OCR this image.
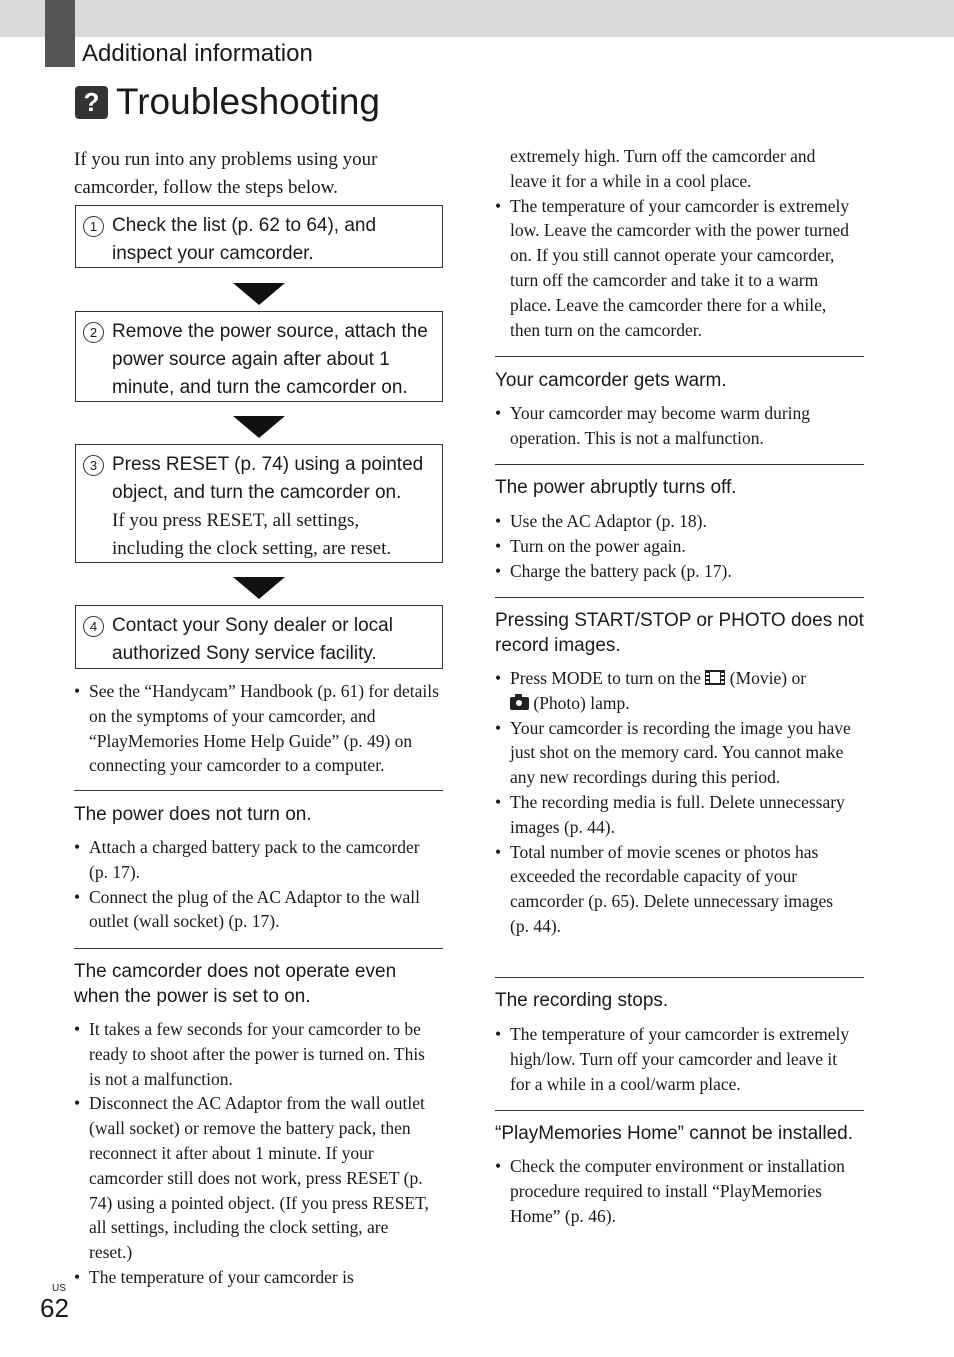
Additional information
? Troubleshooting
If you run into any problems using your camcorder, follow the steps below.
1 Check the list (p. 62 to 64), and inspect your camcorder.
2 Remove the power source, attach the power source again after about 1 minute, and turn the camcorder on.
3 Press RESET (p. 74) using a pointed object, and turn the camcorder on.
If you press RESET, all settings, including the clock setting, are reset.
4 Contact your Sony dealer or local authorized Sony service facility.
• See the “Handycam” Handbook (p. 61) for details on the symptoms of your camcorder, and “PlayMemories Home Help Guide” (p. 49) on connecting your camcorder to a computer.
The power does not turn on.
• Attach a charged battery pack to the camcorder (p. 17).
• Connect the plug of the AC Adaptor to the wall outlet (wall socket) (p. 17).
The camcorder does not operate even when the power is set to on.
• It takes a few seconds for your camcorder to be ready to shoot after the power is turned on. This is not a malfunction.
• Disconnect the AC Adaptor from the wall outlet (wall socket) or remove the battery pack, then reconnect it after about 1 minute. If your camcorder still does not work, press RESET (p. 74) using a pointed object. (If you press RESET, all settings, including the clock setting, are reset.)
• The temperature of your camcorder is
extremely high. Turn off the camcorder and leave it for a while in a cool place.
• The temperature of your camcorder is extremely low. Leave the camcorder with the power turned on. If you still cannot operate your camcorder, turn off the camcorder and take it to a warm place. Leave the camcorder there for a while, then turn on the camcorder.
Your camcorder gets warm.
• Your camcorder may become warm during operation. This is not a malfunction.
The power abruptly turns off.
• Use the AC Adaptor (p. 18).
• Turn on the power again.
• Charge the battery pack (p. 17).
Pressing START/STOP or PHOTO does not record images.
• Press MODE to turn on the (Movie) or
(Photo) lamp.
• Your camcorder is recording the image you have just shot on the memory card. You cannot make any new recordings during this period.
• The recording media is full. Delete unnecessary images (p. 44).
• Total number of movie scenes or photos has exceeded the recordable capacity of your camcorder (p. 65). Delete unnecessary images (p. 44).
The recording stops.
• The temperature of your camcorder is extremely high/low. Turn off your camcorder and leave it for a while in a cool/warm place.
“PlayMemories Home” cannot be installed.
• Check the computer environment or installation procedure required to install “PlayMemories Home” (p. 46).
US
62
